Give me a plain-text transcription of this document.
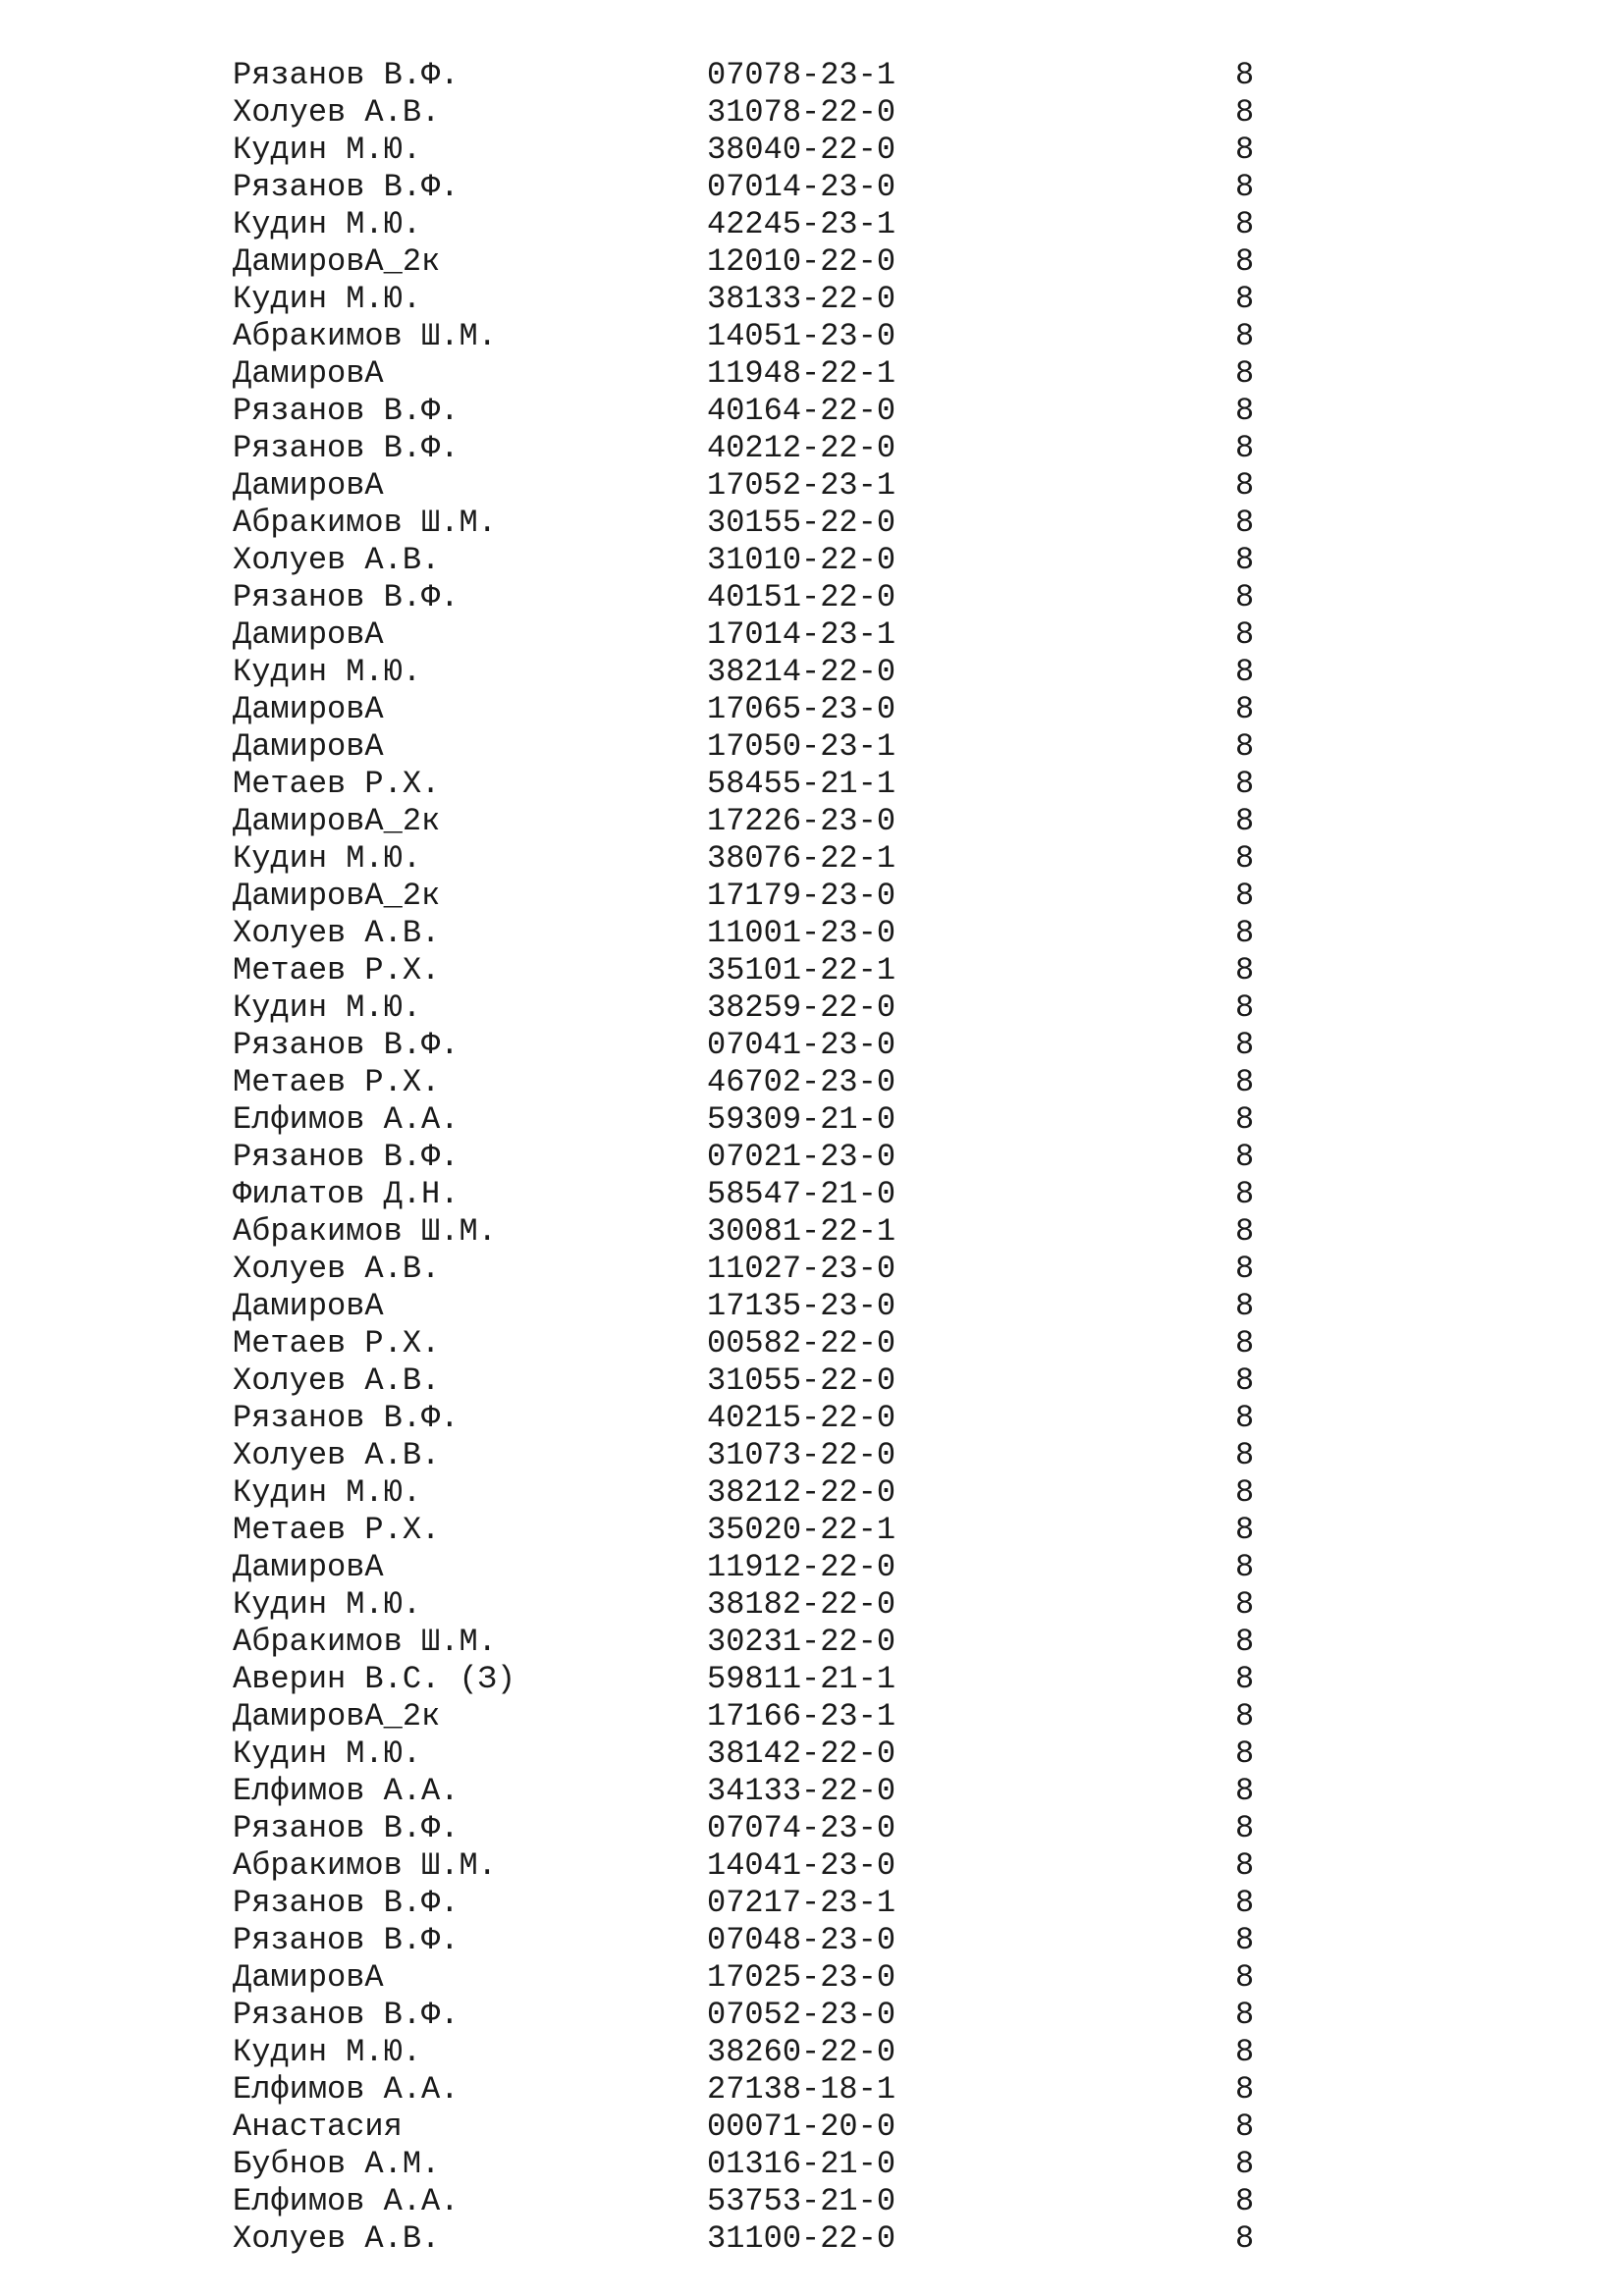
Рязанов В.Ф.	07078-23-1	8
Холуев А.В.	31078-22-0	8
Кудин М.Ю.	38040-22-0	8
Рязанов В.Ф.	07014-23-0	8
Кудин М.Ю.	42245-23-1	8
ДамировА_2к	12010-22-0	8
Кудин М.Ю.	38133-22-0	8
Абракимов Ш.М.	14051-23-0	8
ДамировА	11948-22-1	8
Рязанов В.Ф.	40164-22-0	8
Рязанов В.Ф.	40212-22-0	8
ДамировА	17052-23-1	8
Абракимов Ш.М.	30155-22-0	8
Холуев А.В.	31010-22-0	8
Рязанов В.Ф.	40151-22-0	8
ДамировА	17014-23-1	8
Кудин М.Ю.	38214-22-0	8
ДамировА	17065-23-0	8
ДамировА	17050-23-1	8
Метаев Р.Х.	58455-21-1	8
ДамировА_2к	17226-23-0	8
Кудин М.Ю.	38076-22-1	8
ДамировА_2к	17179-23-0	8
Холуев А.В.	11001-23-0	8
Метаев Р.Х.	35101-22-1	8
Кудин М.Ю.	38259-22-0	8
Рязанов В.Ф.	07041-23-0	8
Метаев Р.Х.	46702-23-0	8
Елфимов А.А.	59309-21-0	8
Рязанов В.Ф.	07021-23-0	8
Филатов Д.Н.	58547-21-0	8
Абракимов Ш.М.	30081-22-1	8
Холуев А.В.	11027-23-0	8
ДамировА	17135-23-0	8
Метаев Р.Х.	00582-22-0	8
Холуев А.В.	31055-22-0	8
Рязанов В.Ф.	40215-22-0	8
Холуев А.В.	31073-22-0	8
Кудин М.Ю.	38212-22-0	8
Метаев Р.Х.	35020-22-1	8
ДамировА	11912-22-0	8
Кудин М.Ю.	38182-22-0	8
Абракимов Ш.М.	30231-22-0	8
Аверин В.С. (З)	59811-21-1	8
ДамировА_2к	17166-23-1	8
Кудин М.Ю.	38142-22-0	8
Елфимов А.А.	34133-22-0	8
Рязанов В.Ф.	07074-23-0	8
Абракимов Ш.М.	14041-23-0	8
Рязанов В.Ф.	07217-23-1	8
Рязанов В.Ф.	07048-23-0	8
ДамировА	17025-23-0	8
Рязанов В.Ф.	07052-23-0	8
Кудин М.Ю.	38260-22-0	8
Елфимов А.А.	27138-18-1	8
Анастасия	00071-20-0	8
Бубнов А.М.	01316-21-0	8
Елфимов А.А.	53753-21-0	8
Холуев А.В.	31100-22-0	8
